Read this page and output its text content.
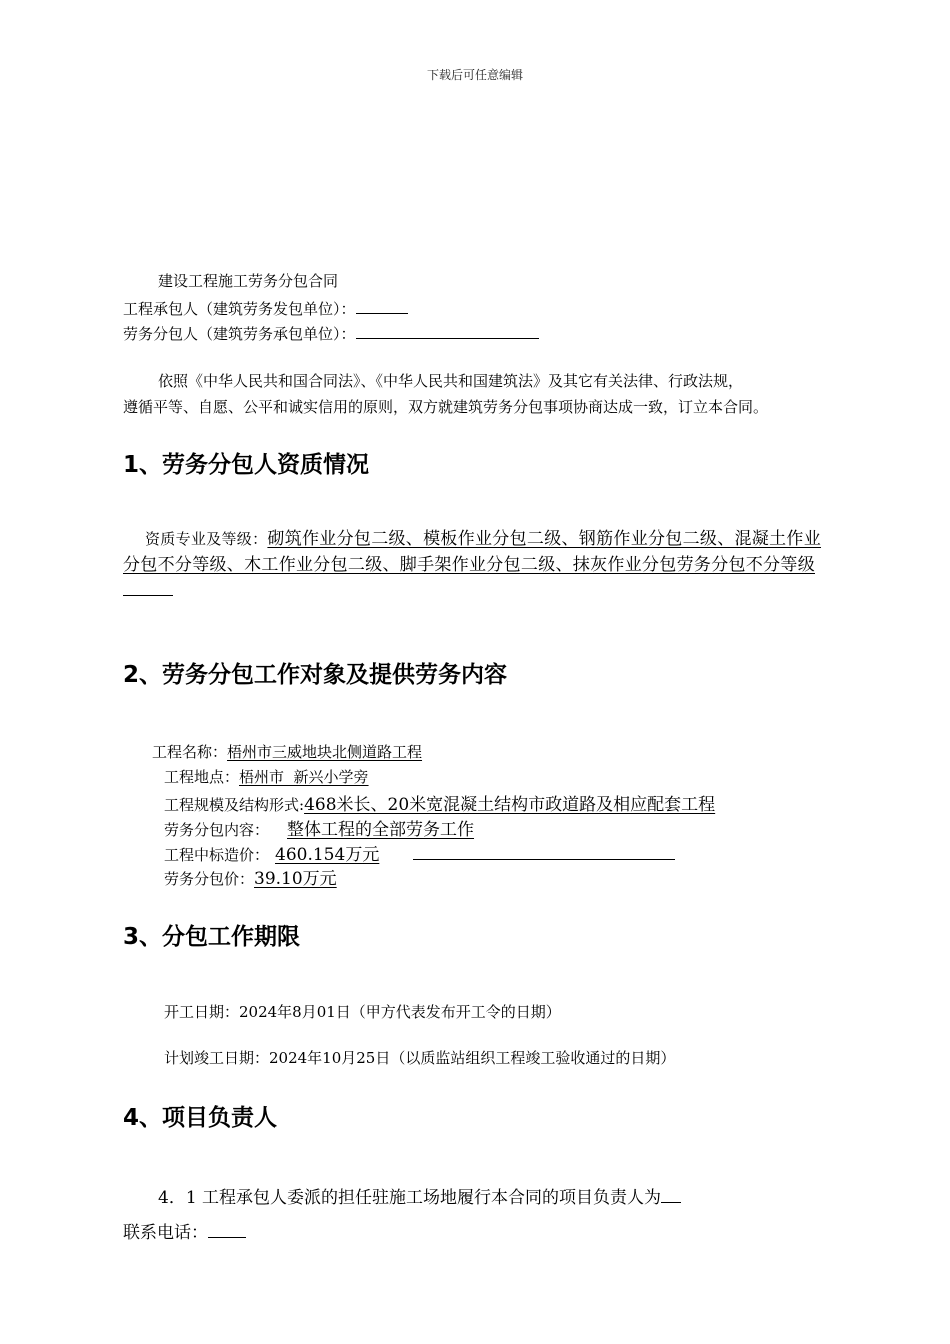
下载后可任意编辑
建设工程施工劳务分包合同
工程承包人（建筑劳务发包单位）：
劳务分包人（建筑劳务承包单位）：
依照《中华人民共和国合同法》、《中华人民共和国建筑法》及其它有关法律、行政法规，
遵循平等、自愿、公平和诚实信用的原则，双方就建筑劳务分包事项协商达成一致，订立本合同。
1、劳务分包人资质情况
资质专业及等级：砌筑作业分包二级、模板作业分包二级、钢筋作业分包二级、混凝土作业分包不分等级、木工作业分包二级、脚手架作业分包二级、抹灰作业分包劳务分包不分等级
2、劳务分包工作对象及提供劳务内容
工程名称：梧州市三威地块北侧道路工程
工程地点：梧州市  新兴小学旁
工程规模及结构形式:468米长、20米宽混凝土结构市政道路及相应配套工程
劳务分包内容： 整体工程的全部劳务工作
工程中标造价： 460.154万元
劳务分包价：39.10万元
3、分包工作期限
开工日期：2024年8月01日（甲方代表发布开工令的日期）
计划竣工日期：2024年10月25日（以质监站组织工程竣工验收通过的日期）
4、项目负责人
4．1 工程承包人委派的担任驻施工场地履行本合同的项目负责人为
联系电话：
